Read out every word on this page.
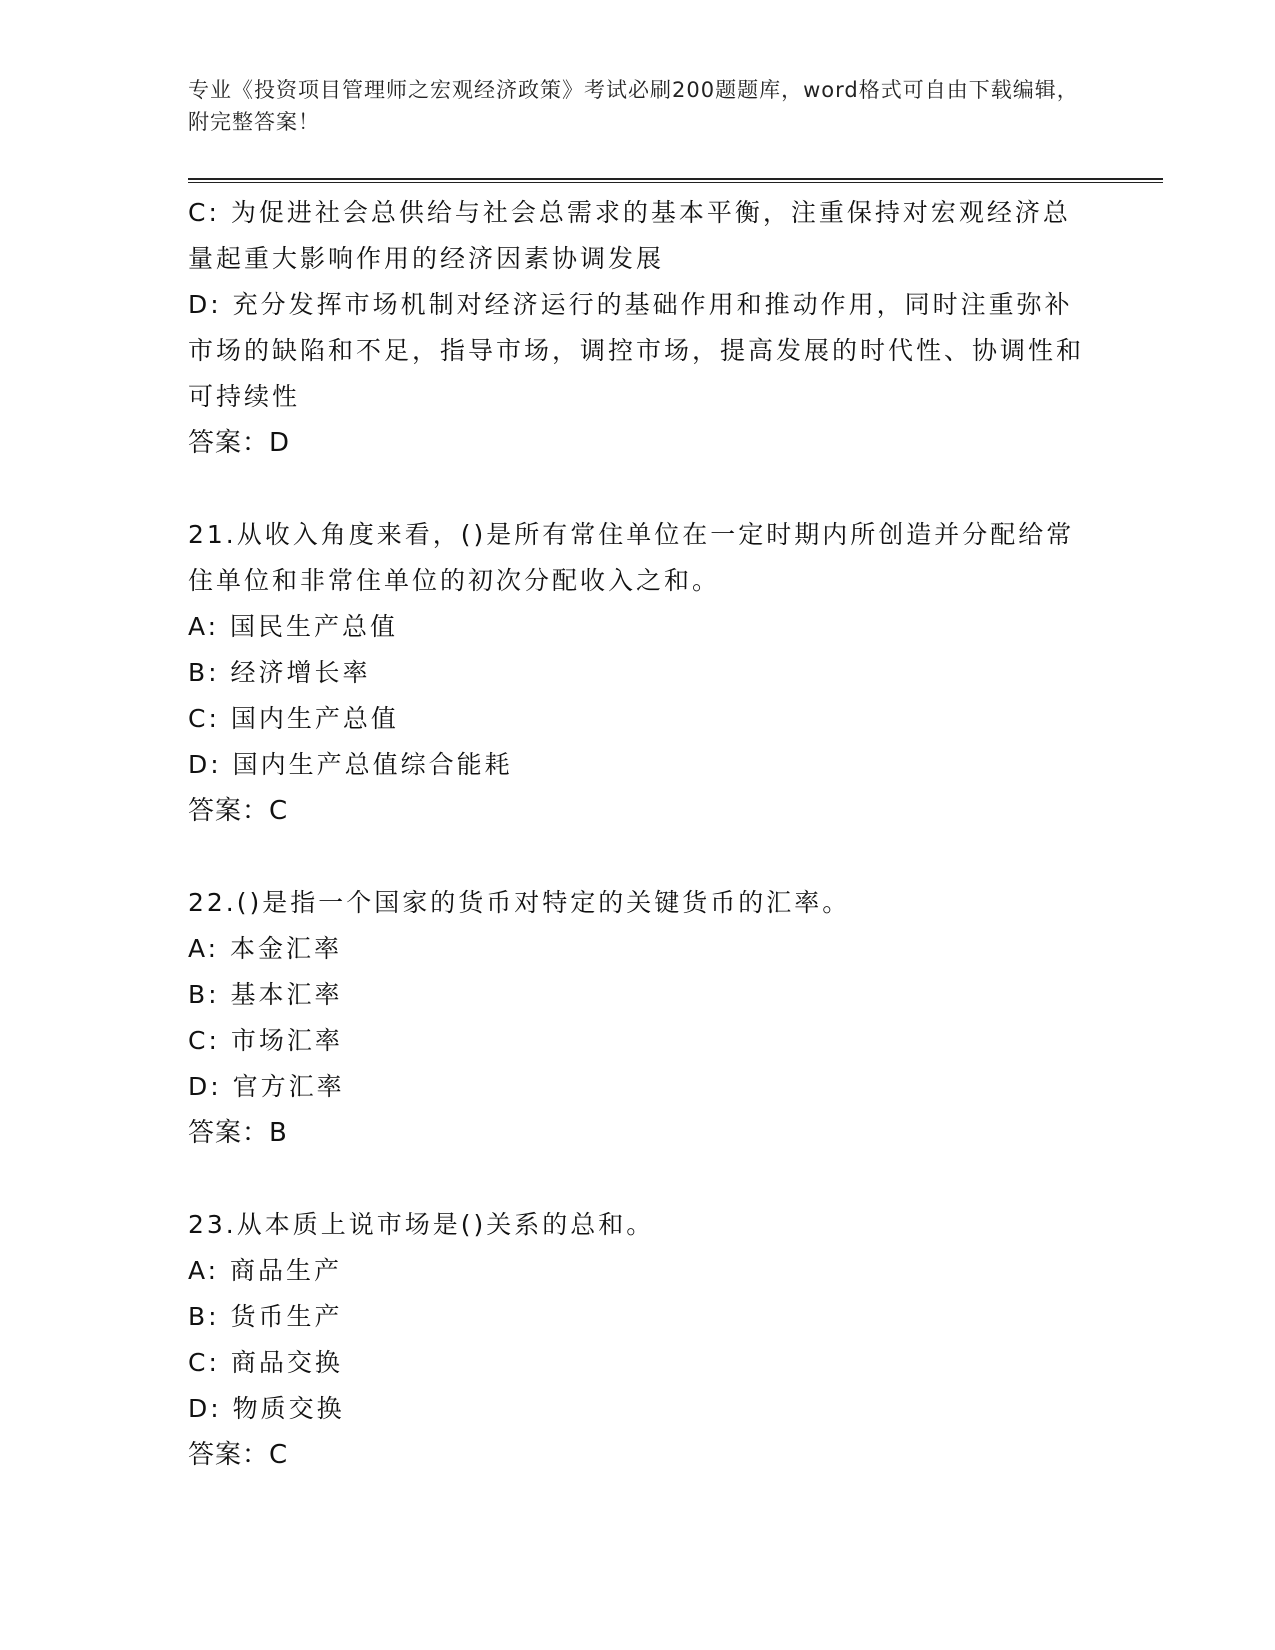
专业《投资项目管理师之宏观经济政策》考试必刷200题题库，word格式可自由下载编辑，附完整答案！

C: 为促进社会总供给与社会总需求的基本平衡，注重保持对宏观经济总量起重大影响作用的经济因素协调发展

D: 充分发挥市场机制对经济运行的基础作用和推动作用，同时注重弥补市场的缺陷和不足，指导市场，调控市场，提高发展的时代性、协调性和可持续性

答案：D

21.从收入角度来看，()是所有常住单位在一定时期内所创造并分配给常住单位和非常住单位的初次分配收入之和。

A: 国民生产总值

B: 经济增长率

C: 国内生产总值

D: 国内生产总值综合能耗

答案：C

22.()是指一个国家的货币对特定的关键货币的汇率。

A: 本金汇率

B: 基本汇率

C: 市场汇率

D: 官方汇率

答案：B

23.从本质上说市场是()关系的总和。

A: 商品生产

B: 货币生产

C: 商品交换

D: 物质交换

答案：C
